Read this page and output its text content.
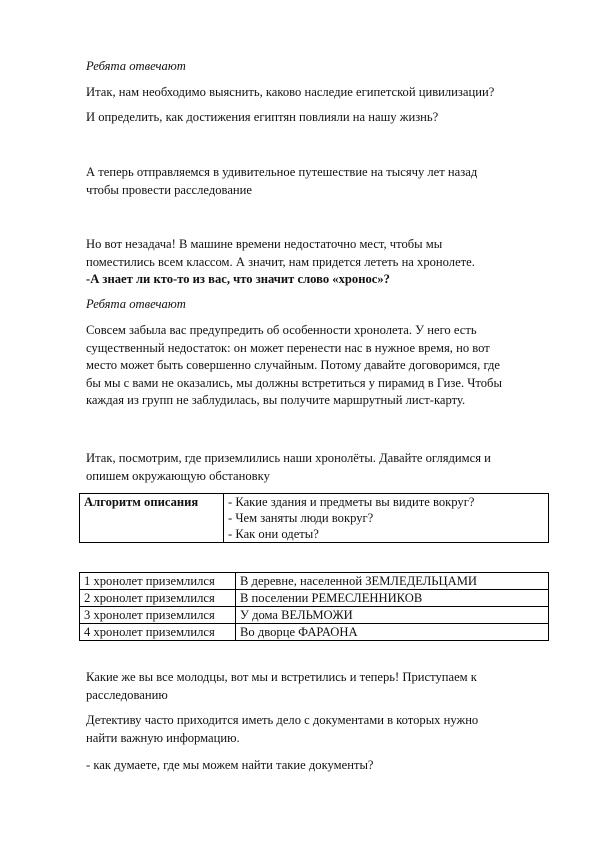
Ребята отвечают

Итак, нам необходимо выяснить, каково наследие египетской цивилизации?

И определить, как достижения египтян повлияли на нашу жизнь?

А теперь отправляемся в удивительное путешествие на тысячу лет назад
чтобы провести расследование

Но вот незадача! В машине времени недостаточно мест, чтобы мы
поместились всем классом. А значит, нам придется лететь на хронолете.
-А знает ли кто-то из вас, что значит слово «хронос»?

Ребята отвечают

Совсем забыла вас предупредить об особенности хронолета. У него есть
существенный недостаток: он может перенести нас в нужное время, но вот
место может быть совершенно случайным. Потому давайте договоримся, где
бы мы с вами не оказались, мы должны встретиться у пирамид в Гизе. Чтобы
каждая из групп не заблудилась, вы получите маршрутный лист-карту.

Итак, посмотрим, где приземлились наши хронолёты. Давайте оглядимся и
опишем окружающую обстановку

Алгоритм описания	- Какие здания и предметы вы видите вокруг?
- Чем заняты люди вокруг?
- Как они одеты?
1 хронолет приземлился	В деревне, населенной ЗЕМЛЕДЕЛЬЦАМИ
2 хронолет приземлился	В поселении РЕМЕСЛЕННИКОВ
3 хронолет приземлился	У дома ВЕЛЬМОЖИ
4 хронолет приземлился	Во дворце ФАРАОНА

Какие же вы все молодцы, вот мы и встретились и теперь! Приступаем к
расследованию

Детективу часто приходится иметь дело с документами в которых нужно
найти важную информацию.

- как думаете, где мы можем найти такие документы?
